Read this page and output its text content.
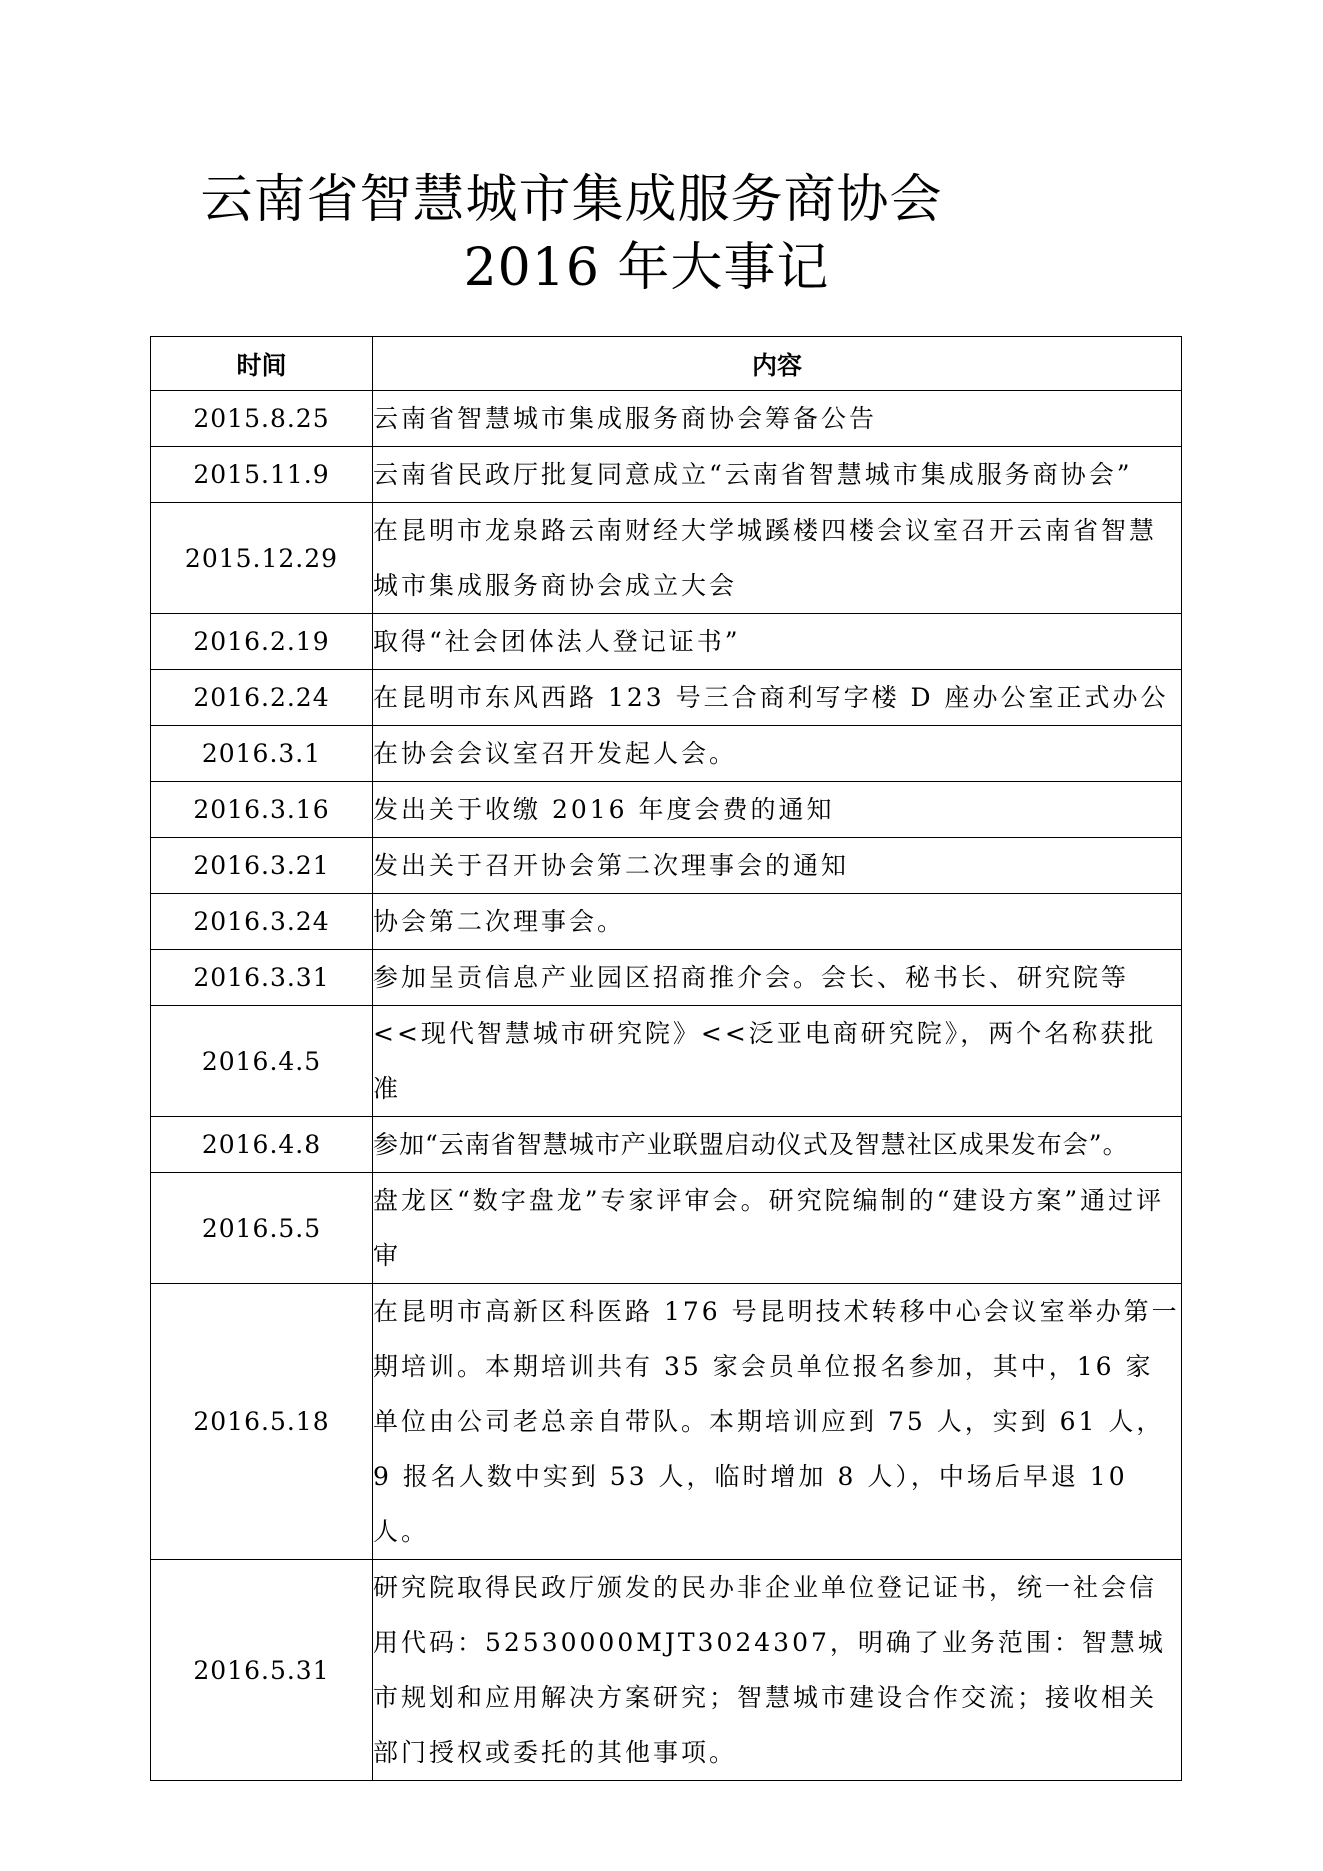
云南省智慧城市集成服务商协会
2016 年大事记
时间	内容
2015.8.25	云南省智慧城市集成服务商协会筹备公告
2015.11.9	云南省民政厅批复同意成立“云南省智慧城市集成服务商协会”
2015.12.29	在昆明市龙泉路云南财经大学城蹊楼四楼会议室召开云南省智慧城市集成服务商协会成立大会
2016.2.19	取得“社会团体法人登记证书”
2016.2.24	在昆明市东风西路 123 号三合商利写字楼 D 座办公室正式办公
2016.3.1	在协会会议室召开发起人会。
2016.3.16	发出关于收缴 2016 年度会费的通知
2016.3.21	发出关于召开协会第二次理事会的通知
2016.3.24	协会第二次理事会。
2016.3.31	参加呈贡信息产业园区招商推介会。会长、秘书长、研究院等
2016.4.5	<<现代智慧城市研究院》<<泛亚电商研究院》，两个名称获批准
2016.4.8	参加“云南省智慧城市产业联盟启动仪式及智慧社区成果发布会”。
2016.5.5	盘龙区“数字盘龙”专家评审会。研究院编制的“建设方案”通过评审
2016.5.18	在昆明市高新区科医路 176 号昆明技术转移中心会议室举办第一期培训。本期培训共有 35 家会员单位报名参加，其中，16 家单位由公司老总亲自带队。本期培训应到 75 人，实到 61 人，9 报名人数中实到 53 人，临时增加 8 人），中场后早退 10 人。
2016.5.31	研究院取得民政厅颁发的民办非企业单位登记证书，统一社会信用代码：52530000MJT3024307，明确了业务范围：智慧城市规划和应用解决方案研究；智慧城市建设合作交流；接收相关部门授权或委托的其他事项。
